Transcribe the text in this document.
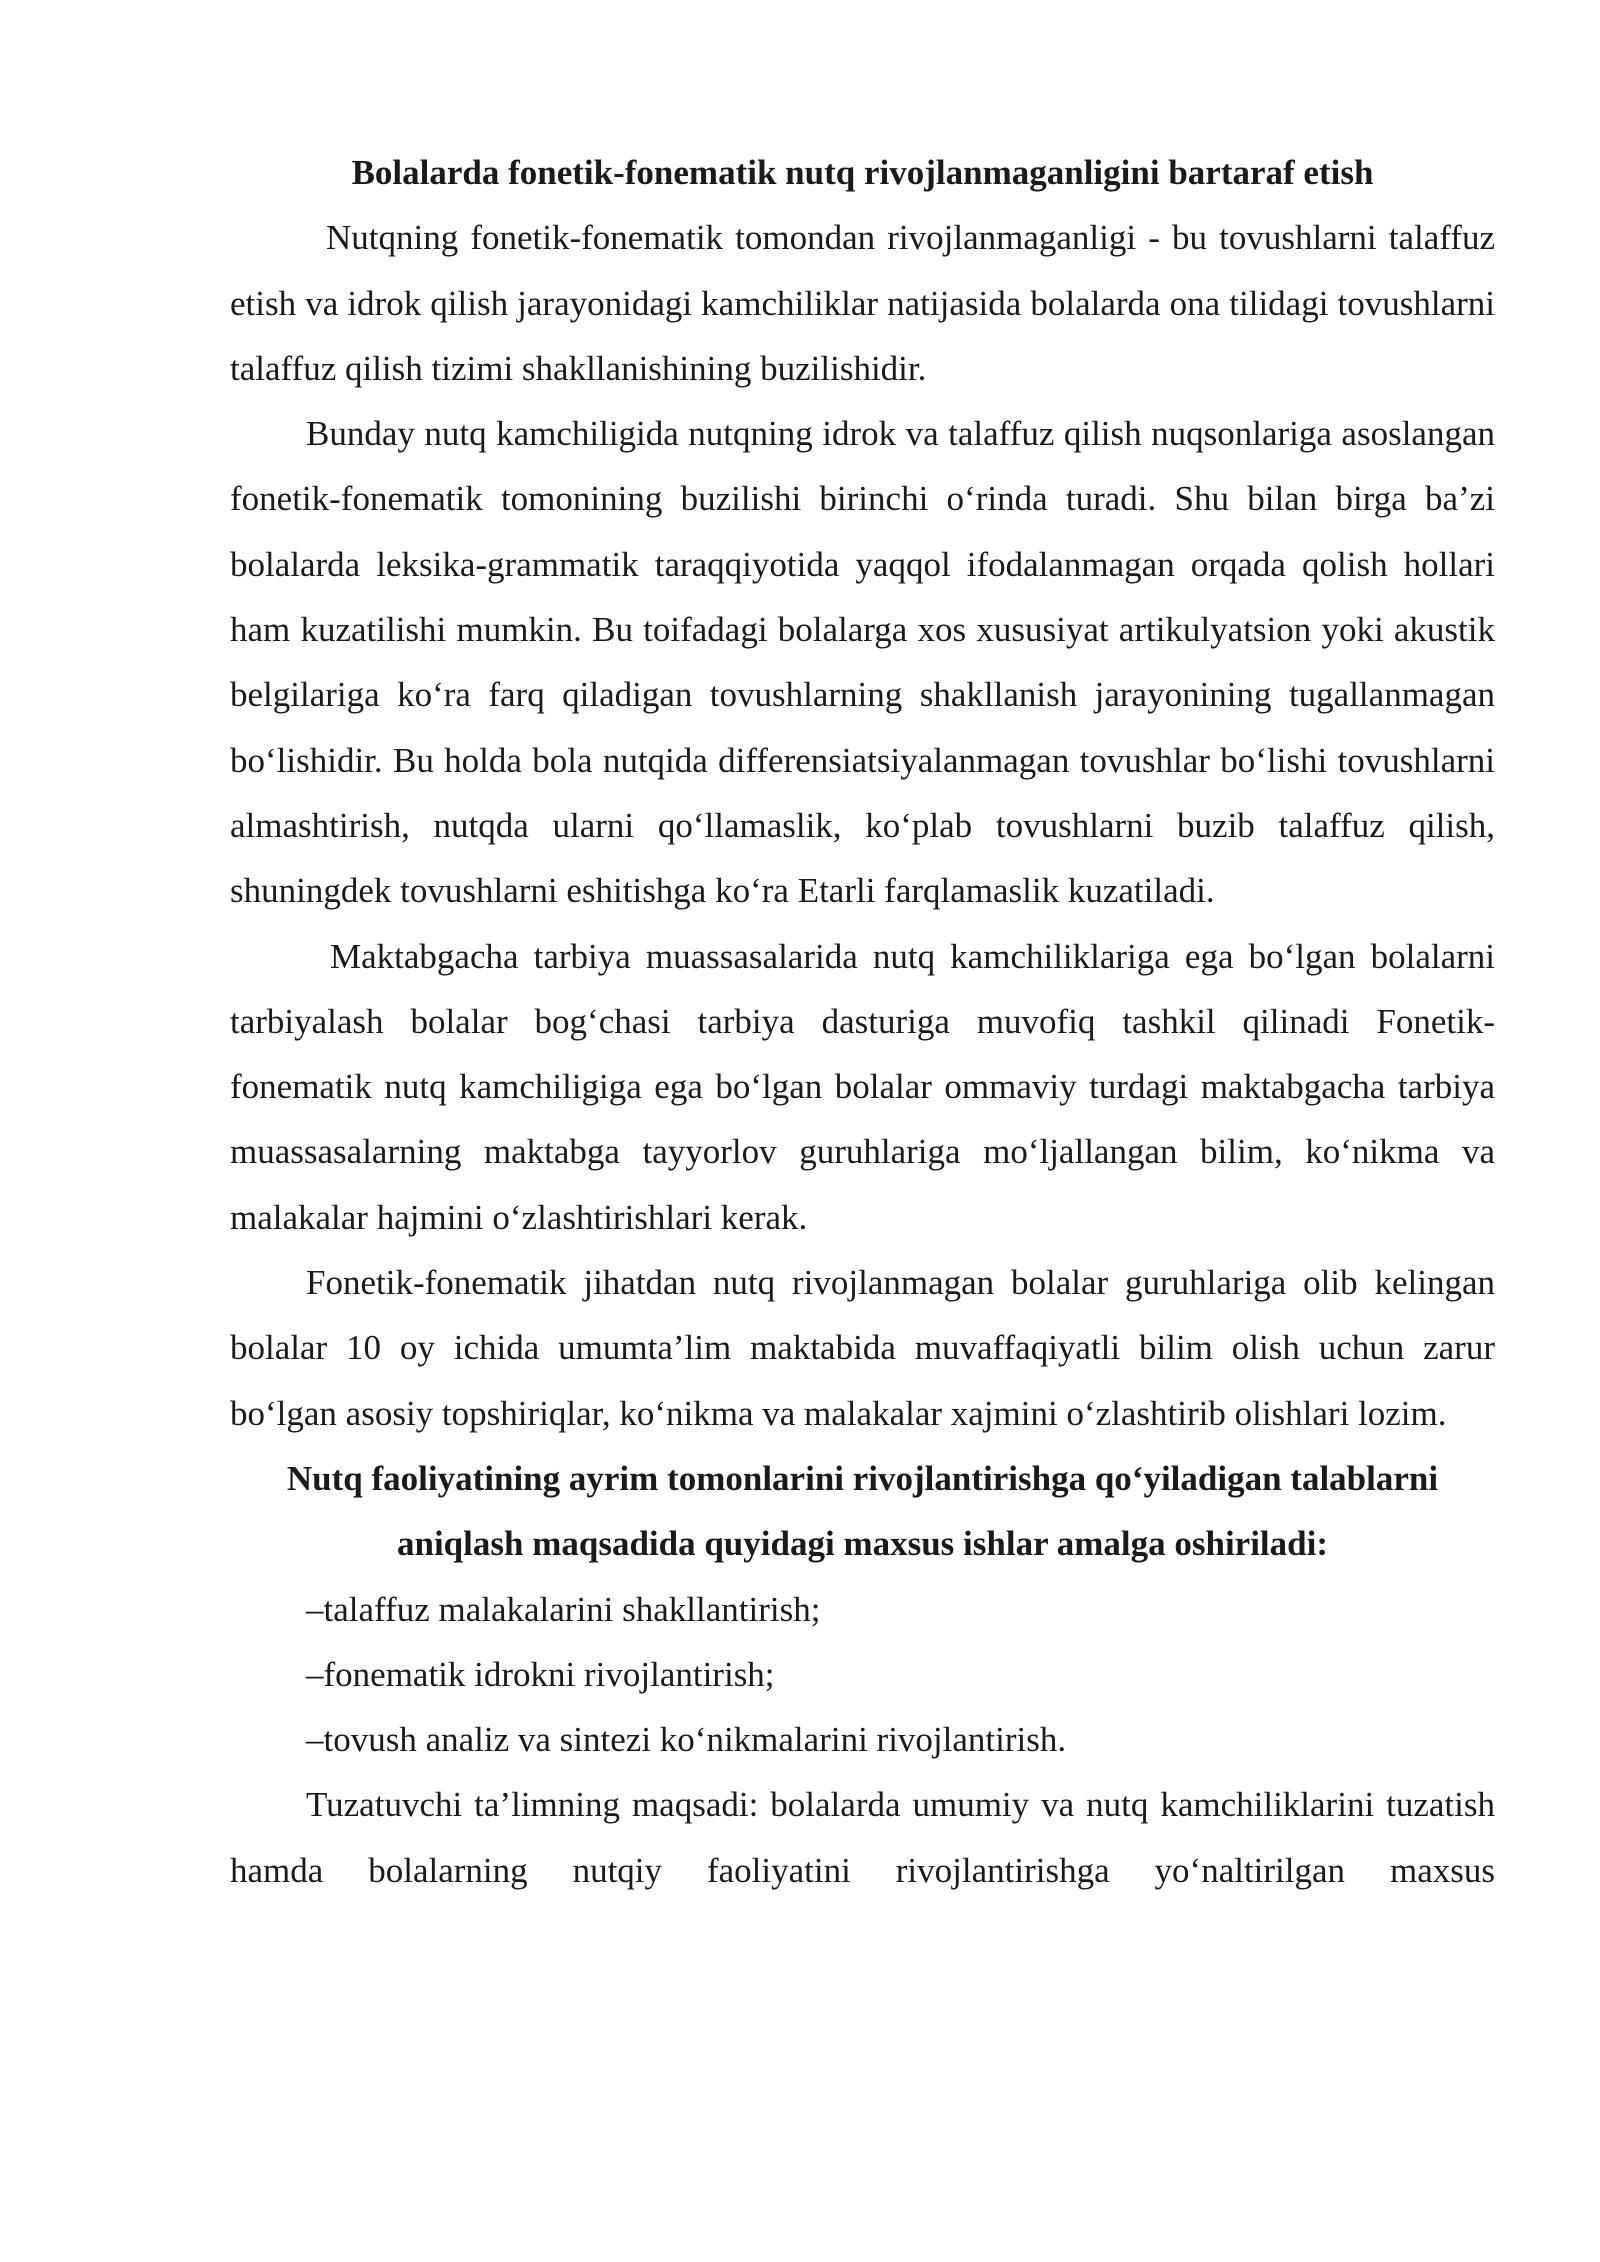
Bolalarda fonetik-fonematik nutq rivojlanmaganligini bartaraf etish

Nutqning fonetik-fonematik tomondan rivojlanmaganligi - bu tovushlarni talaffuz etish va idrok qilish jarayonidagi kamchiliklar natijasida bolalarda ona tilidagi tovushlarni talaffuz qilish tizimi shakllanishining buzilishidir.

Bunday nutq kamchiligida nutqning idrok va talaffuz qilish nuqsonlariga asoslangan fonetik-fonematik tomonining buzilishi birinchi o‘rinda turadi. Shu bilan birga ba’zi bolalarda leksika-grammatik taraqqiyotida yaqqol ifodalanmagan orqada qolish hollari ham kuzatilishi mumkin. Bu toifadagi bolalarga xos xususiyat artikulyatsion yoki akustik belgilariga ko‘ra farq qiladigan tovushlarning shakllanish jarayonining tugallanmagan bo‘lishidir. Bu holda bola nutqida differensiatsiyalanmagan tovushlar bo‘lishi tovushlarni almashtirish, nutqda ularni qo‘llamaslik, ko‘plab tovushlarni buzib talaffuz qilish, shuningdek tovushlarni eshitishga ko‘ra Etarli farqlamaslik kuzatiladi.

Maktabgacha tarbiya muassasalarida nutq kamchiliklariga ega bo‘lgan bolalarni tarbiyalash bolalar bog‘chasi tarbiya dasturiga muvofiq tashkil qilinadi Fonetik- fonematik nutq kamchiligiga ega bo‘lgan bolalar ommaviy turdagi maktabgacha tarbiya muassasalarning maktabga tayyorlov guruhlariga mo‘ljallangan bilim, ko‘nikma va malakalar hajmini o‘zlashtirishlari kerak.

Fonetik-fonematik jihatdan nutq rivojlanmagan bolalar guruhlariga olib kelingan bolalar 10 oy ichida umumta’lim maktabida muvaffaqiyatli bilim olish uchun zarur bo‘lgan asosiy topshiriqlar, ko‘nikma va malakalar xajmini o‘zlashtirib olishlari lozim.

Nutq faoliyatining ayrim tomonlarini rivojlantirishga qo‘yiladigan talablarni aniqlash maqsadida quyidagi maxsus ishlar amalga oshiriladi:
–talaffuz malakalarini shakllantirish;
–fonematik idrokni rivojlantirish;
–tovush analiz va sintezi ko‘nikmalarini rivojlantirish.

Tuzatuvchi ta’limning maqsadi: bolalarda umumiy va nutq kamchiliklarini tuzatish hamda bolalarning nutqiy faoliyatini rivojlantirishga yo‘naltirilgan maxsus
